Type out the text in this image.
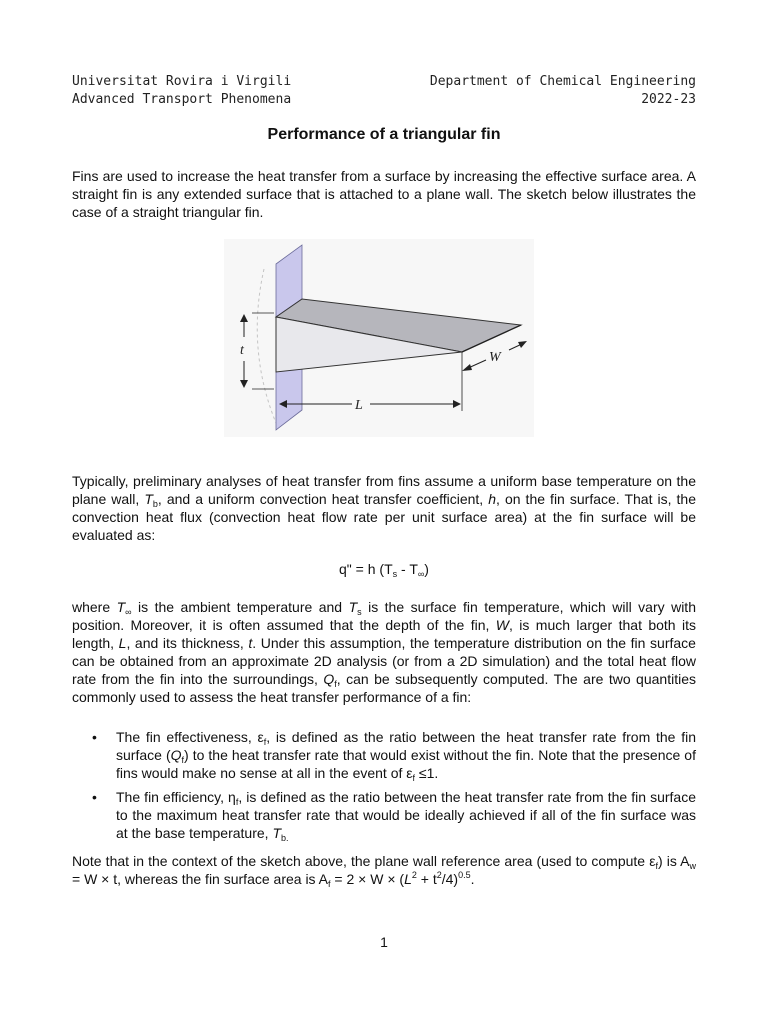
Universitat Rovira i Virgili
Advanced Transport Phenomena
Department of Chemical Engineering
2022-23
Performance of a triangular fin
Fins are used to increase the heat transfer from a surface by increasing the effective surface area. A straight fin is any extended surface that is attached to a plane wall. The sketch below illustrates the case of a straight triangular fin.
t
L
W
Typically, preliminary analyses of heat transfer from fins assume a uniform base temperature on the plane wall, $T_b$, and a uniform convection heat transfer coefficient, h, on the fin surface. That is, the convection heat flux (convection heat flow rate per unit surface area) at the fin surface will be evaluated as:
q" = h $(T_s - T_\infty)$
where $T_\infty$ is the ambient temperature and $T_s$ is the surface fin temperature, which will vary with position. Moreover, it is often assumed that the depth of the fin, W, is much larger that both its length, L, and its thickness, t. Under this assumption, the temperature distribution on the fin surface can be obtained from an approximate 2D analysis (or from a 2D simulation) and the total heat flow rate from the fin into the surroundings, $Q_f$, can be subsequently computed. The are two quantities commonly used to assess the heat transfer performance of a fin:
• The fin effectiveness, $\varepsilon_f$, is defined as the ratio between the heat transfer rate from the fin surface $(Q_f)$ to the heat transfer rate that would exist without the fin. Note that the presence of fins would make no sense at all in the event of $\varepsilon_f \le 1$.
• The fin efficiency, $\eta_f$, is defined as the ratio between the heat transfer rate from the fin surface to the maximum heat transfer rate that would be ideally achieved if all of the fin surface was at the base temperature, $T_{b.}$
Note that in the context of the sketch above, the plane wall reference area (used to compute $\varepsilon_f$) is $A_w = W \times t$, whereas the fin surface area is $A_f = 2 \times W \times (L^2 + t^2/4)^{0.5}$.
1
